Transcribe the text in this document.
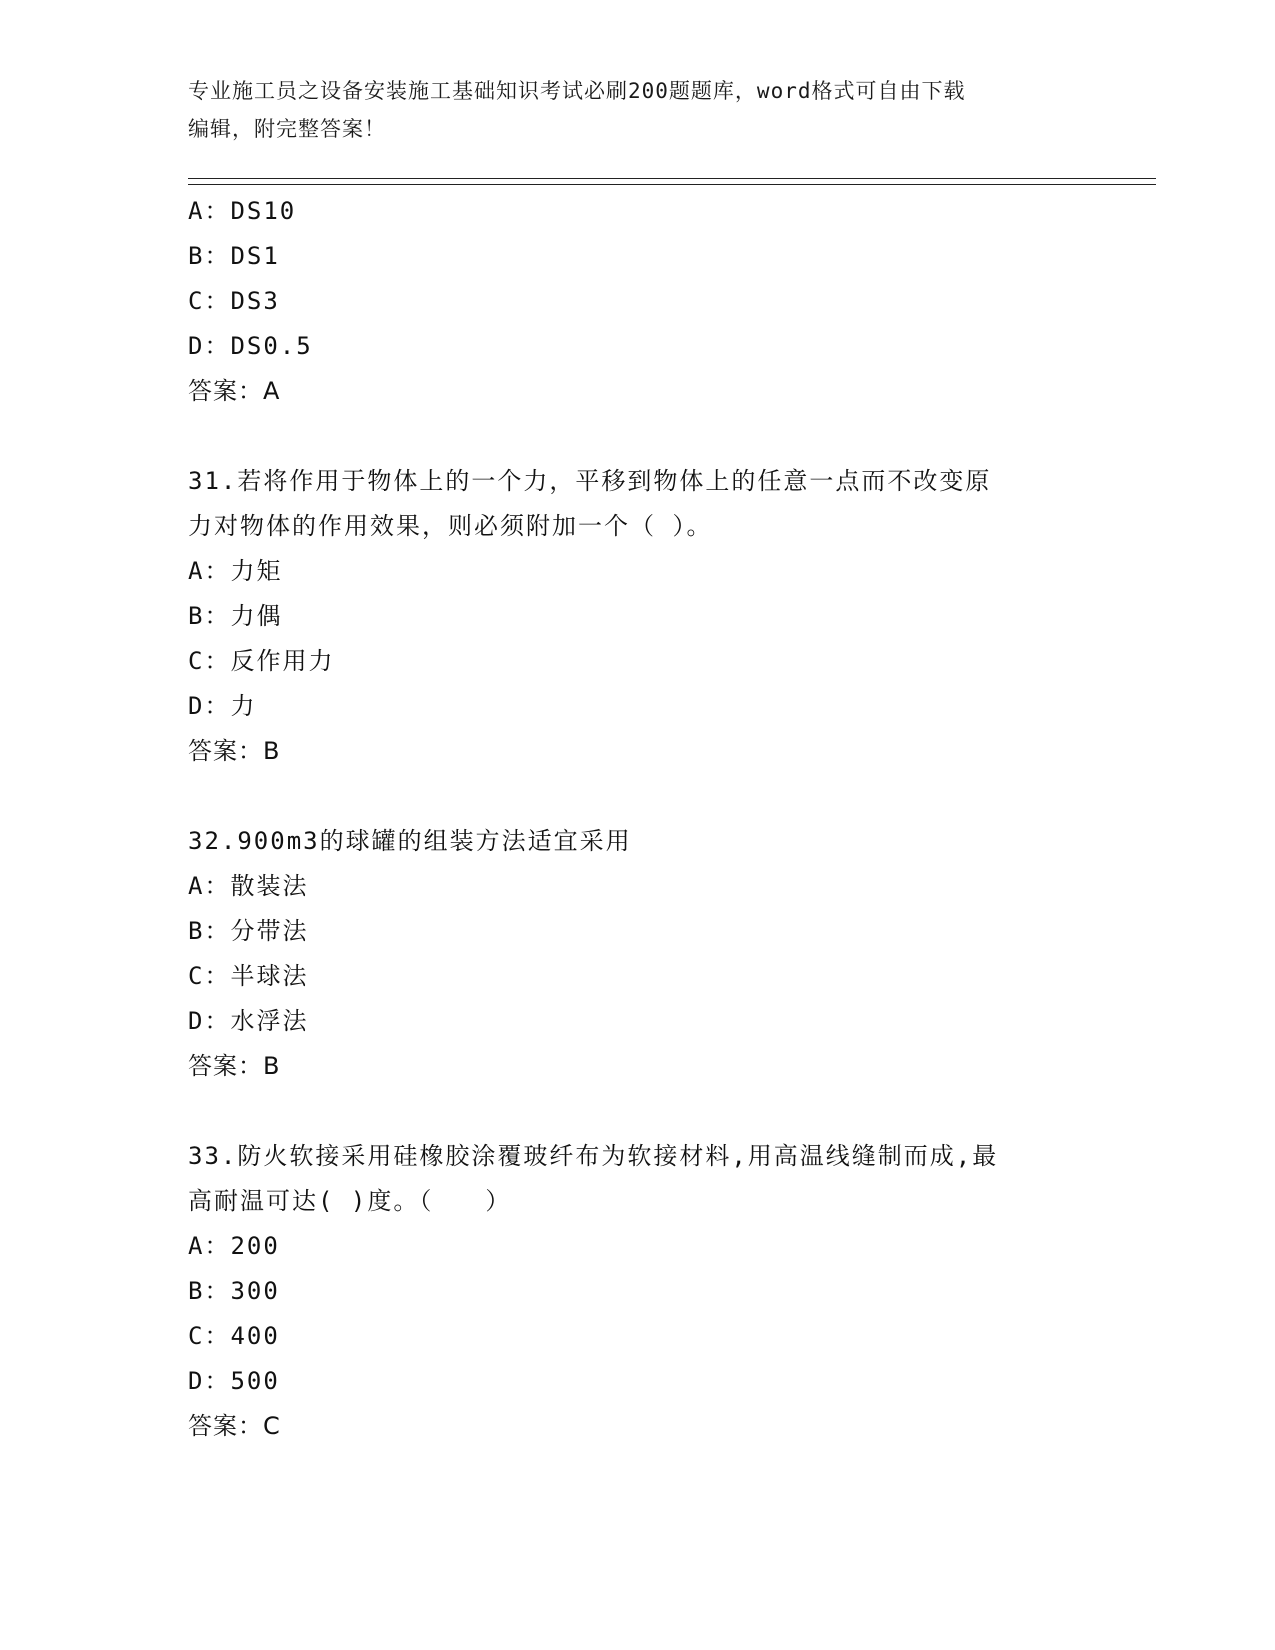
专业施工员之设备安装施工基础知识考试必刷200题题库，word格式可自由下载
编辑，附完整答案！
A：DS10
B：DS1
C：DS3
D：DS0.5
答案：A
31.若将作用于物体上的一个力，平移到物体上的任意一点而不改变原
力对物体的作用效果，则必须附加一个（ ）。
A：力矩
B：力偶
C：反作用力
D：力
答案：B
32.900m3的球罐的组装方法适宜采用
A：散装法
B：分带法
C：半球法
D：水浮法
答案：B
33.防火软接采用硅橡胶涂覆玻纤布为软接材料,用高温线缝制而成,最
高耐温可达( )度。（　　）
A：200
B：300
C：400
D：500
答案：C
